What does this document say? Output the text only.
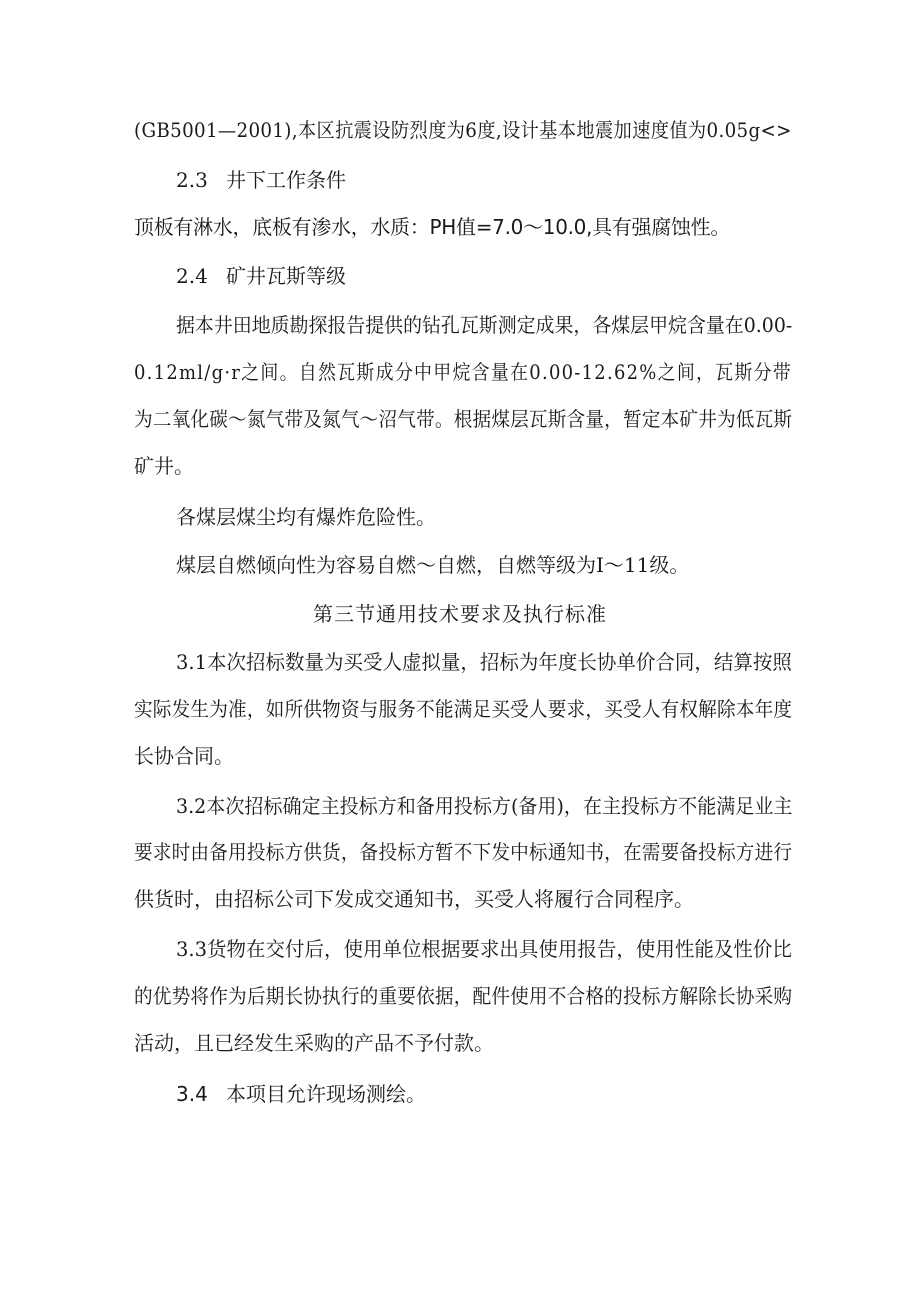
(GB5001—2001),本区抗震设防烈度为6度,设计基本地震加速度值为0.05g<>
2.3 井下工作条件
顶板有淋水，底板有渗水，水质：PH值=7.0～10.0,具有强腐蚀性。
2.4 矿井瓦斯等级
据本井田地质勘探报告提供的钻孔瓦斯测定成果，各煤层甲烷含量在0.00-
0.12ml/g·r之间。自然瓦斯成分中甲烷含量在0.00-12.62%之间，瓦斯分带
为二氧化碳～氮气带及氮气～沼气带。根据煤层瓦斯含量，暂定本矿井为低瓦斯
矿井。
各煤层煤尘均有爆炸危险性。
煤层自燃倾向性为容易自燃～自燃，自燃等级为I～11级。
第三节通用技术要求及执行标准
3.1本次招标数量为买受人虚拟量，招标为年度长协单价合同，结算按照
实际发生为准，如所供物资与服务不能满足买受人要求，买受人有权解除本年度
长协合同。
3.2本次招标确定主投标方和备用投标方(备用)，在主投标方不能满足业主
要求时由备用投标方供货，备投标方暂不下发中标通知书，在需要备投标方进行
供货时，由招标公司下发成交通知书，买受人将履行合同程序。
3.3货物在交付后，使用单位根据要求出具使用报告，使用性能及性价比
的优势将作为后期长协执行的重要依据，配件使用不合格的投标方解除长协采购
活动，且已经发生采购的产品不予付款。
3.4 本项目允许现场测绘。
